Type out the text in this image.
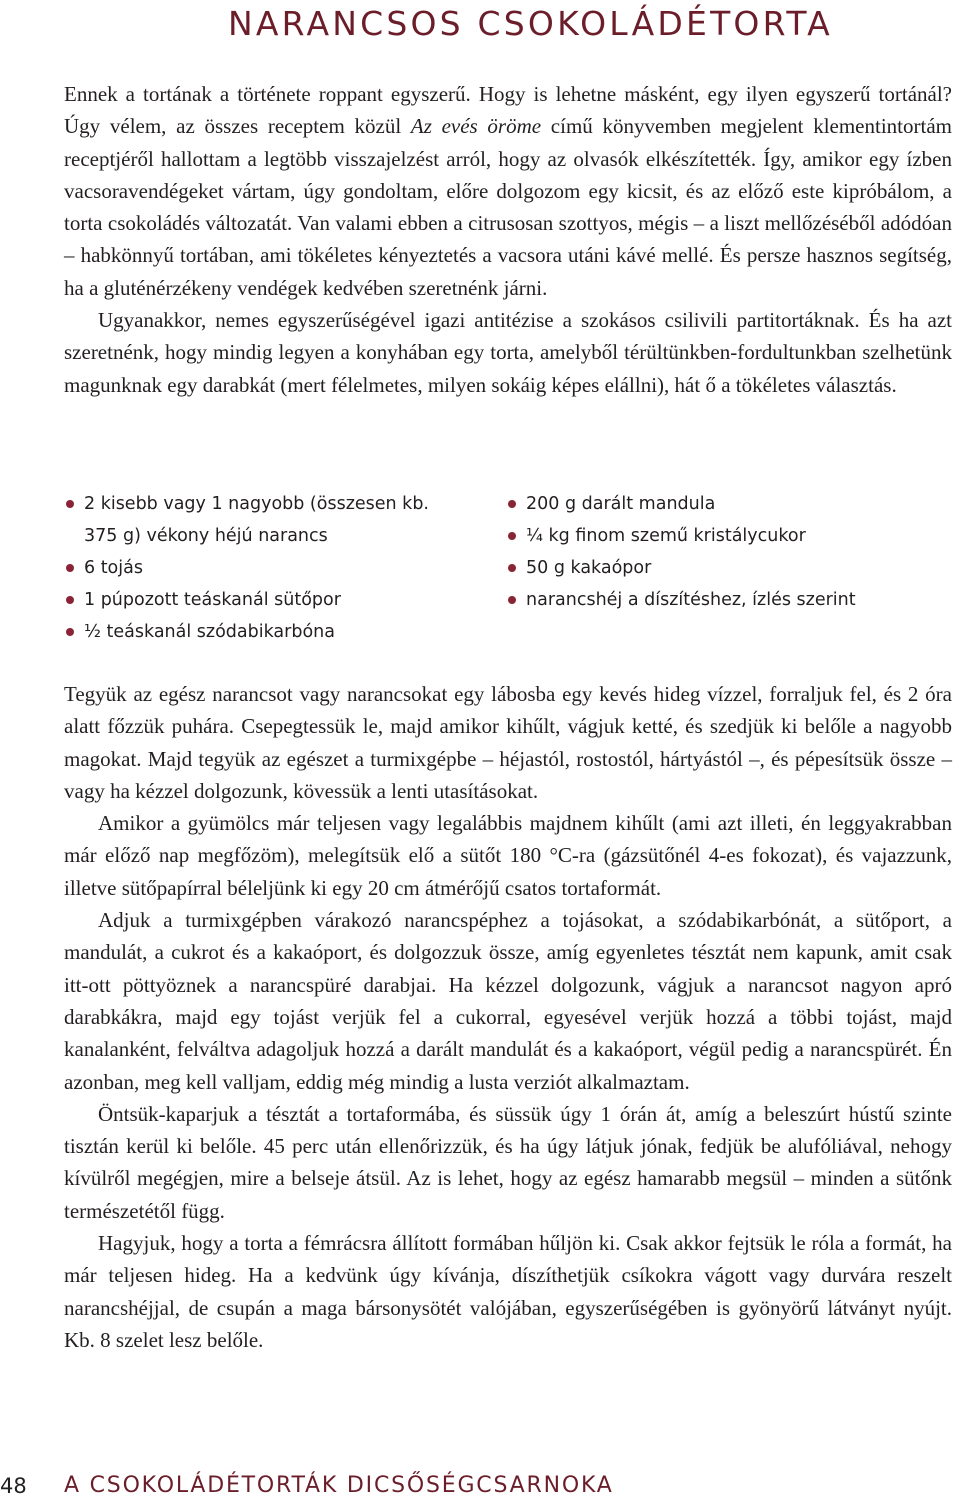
NARANCSOS CSOKOLÁDÉTORTA

Ennek a tortának a története roppant egyszerű. Hogy is lehetne másként, egy ilyen egyszerű tortánál? Úgy vélem, az összes receptem közül Az evés öröme című könyvemben megjelent klementintortám receptjéről hallottam a legtöbb visszajelzést arról, hogy az olvasók elkészítették. Így, amikor egy ízben vacsoravendégeket vártam, úgy gondoltam, előre dolgozom egy kicsit, és az előző este kipróbálom, a torta csokoládés változatát. Van valami ebben a citrusosan szottyos, mégis – a liszt mellőzéséből adódóan – habkönnyű tortában, ami tökéletes kényeztetés a vacsora utáni kávé mellé. És persze hasznos segítség, ha a gluténérzékeny vendégek kedvében szeretnénk járni.

Ugyanakkor, nemes egyszerűségével igazi antitézise a szokásos csilivili partitortáknak. És ha azt szeretnénk, hogy mindig legyen a konyhában egy torta, amelyből térültünkben-fordultunkban szelhetünk magunknak egy darabkát (mert félelmetes, milyen sokáig képes elállni), hát ő a tökéletes választás.

2 kisebb vagy 1 nagyobb (összesen kb.
375 g) vékony héjú narancs
6 tojás
1 púpozott teáskanál sütőpor
½ teáskanál szódabikarbóna
200 g darált mandula
¼ kg finom szemű kristálycukor
50 g kakaópor
narancshéj a díszítéshez, ízlés szerint

Tegyük az egész narancsot vagy narancsokat egy lábosba egy kevés hideg vízzel, forraljuk fel, és 2 óra alatt főzzük puhára. Csepegtessük le, majd amikor kihűlt, vágjuk ketté, és szedjük ki belőle a nagyobb magokat. Majd tegyük az egészet a turmixgépbe – héjastól, rostostól, hártyástól –, és pépesítsük össze – vagy ha kézzel dolgozunk, kövessük a lenti utasításokat.

Amikor a gyümölcs már teljesen vagy legalábbis majdnem kihűlt (ami azt illeti, én leggyakrabban már előző nap megfőzöm), melegítsük elő a sütőt 180 °C-ra (gázsütőnél 4-es fokozat), és vajazzunk, illetve sütőpapírral béleljünk ki egy 20 cm átmérőjű csatos tortaformát.

Adjuk a turmixgépben várakozó narancspéphez a tojásokat, a szódabikarbónát, a sütőport, a mandulát, a cukrot és a kakaóport, és dolgozzuk össze, amíg egyenletes tésztát nem kapunk, amit csak itt-ott pöttyöznek a narancspüré darabjai. Ha kézzel dolgozunk, vágjuk a narancsot nagyon apró darabkákra, majd egy tojást verjük fel a cukorral, egyesével verjük hozzá a többi tojást, majd kanalanként, felváltva adagoljuk hozzá a darált mandulát és a kakaóport, végül pedig a narancspürét. Én azonban, meg kell valljam, eddig még mindig a lusta verziót alkalmaztam.

Öntsük-kaparjuk a tésztát a tortaformába, és süssük úgy 1 órán át, amíg a beleszúrt hústű szinte tisztán kerül ki belőle. 45 perc után ellenőrizzük, és ha úgy látjuk jónak, fedjük be alufóliával, nehogy kívülről megégjen, mire a belseje átsül. Az is lehet, hogy az egész hamarabb megsül – minden a sütőnk természetétől függ.

Hagyjuk, hogy a torta a fémrácsra állított formában hűljön ki. Csak akkor fejtsük le róla a formát, ha már teljesen hideg. Ha a kedvünk úgy kívánja, díszíthetjük csíkokra vágott vagy durvára reszelt narancshéjjal, de csupán a maga bársonysötét valójában, egyszerűségében is gyönyörű látványt nyújt. Kb. 8 szelet lesz belőle.

48 A CSOKOLÁDÉTORTÁK DICSŐSÉGCSARNOKA
